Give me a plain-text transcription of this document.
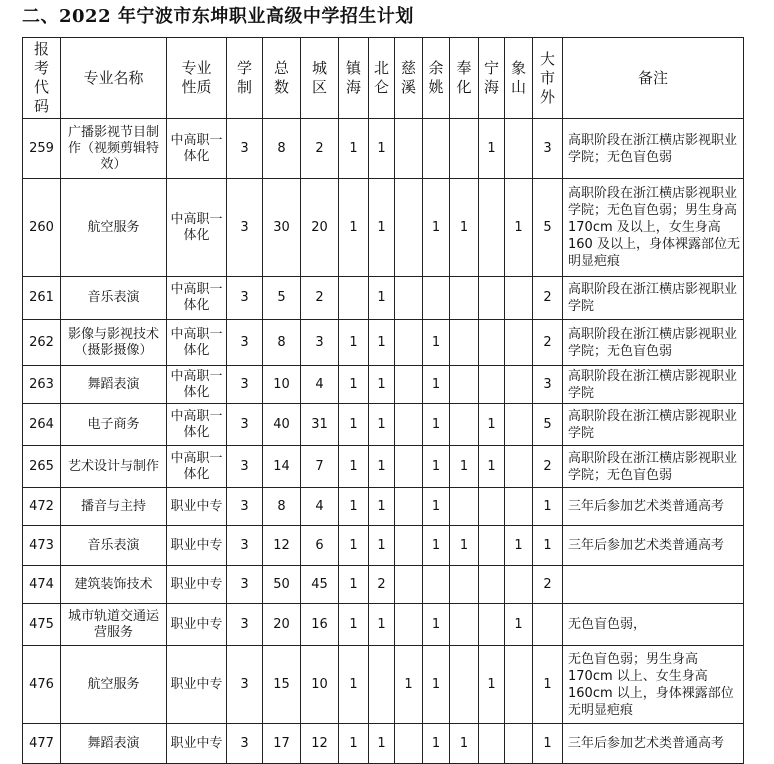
二、2022 年宁波市东坤职业高级中学招生计划
报考代码	专业名称	专业性质	学制	总数	城区	镇海	北仑	慈溪	余姚	奉化	宁海	象山	大市外	备注
259	广播影视节目制作（视频剪辑特效）	中高职一体化	3	8	2	1	1				1		3	高职阶段在浙江横店影视职业学院；无色盲色弱
260	航空服务	中高职一体化	3	30	20	1	1		1	1		1	5	高职阶段在浙江横店影视职业学院；无色盲色弱；男生身高 170cm 及以上，女生身高 160 及以上，身体裸露部位无明显疤痕
261	音乐表演	中高职一体化	3	5	2		1						2	高职阶段在浙江横店影视职业学院
262	影像与影视技术（摄影摄像）	中高职一体化	3	8	3	1	1		1				2	高职阶段在浙江横店影视职业学院；无色盲色弱
263	舞蹈表演	中高职一体化	3	10	4	1	1		1				3	高职阶段在浙江横店影视职业学院
264	电子商务	中高职一体化	3	40	31	1	1		1		1		5	高职阶段在浙江横店影视职业学院
265	艺术设计与制作	中高职一体化	3	14	7	1	1		1	1	1		2	高职阶段在浙江横店影视职业学院；无色盲色弱
472	播音与主持	职业中专	3	8	4	1	1		1				1	三年后参加艺术类普通高考
473	音乐表演	职业中专	3	12	6	1	1		1	1		1	1	三年后参加艺术类普通高考
474	建筑装饰技术	职业中专	3	50	45	1	2						2	
475	城市轨道交通运营服务	职业中专	3	20	16	1	1		1			1		无色盲色弱，
476	航空服务	职业中专	3	15	10	1		1	1		1		1	无色盲色弱；男生身高 170cm 以上、女生身高 160cm 以上，身体裸露部位无明显疤痕
477	舞蹈表演	职业中专	3	17	12	1	1		1	1			1	三年后参加艺术类普通高考
